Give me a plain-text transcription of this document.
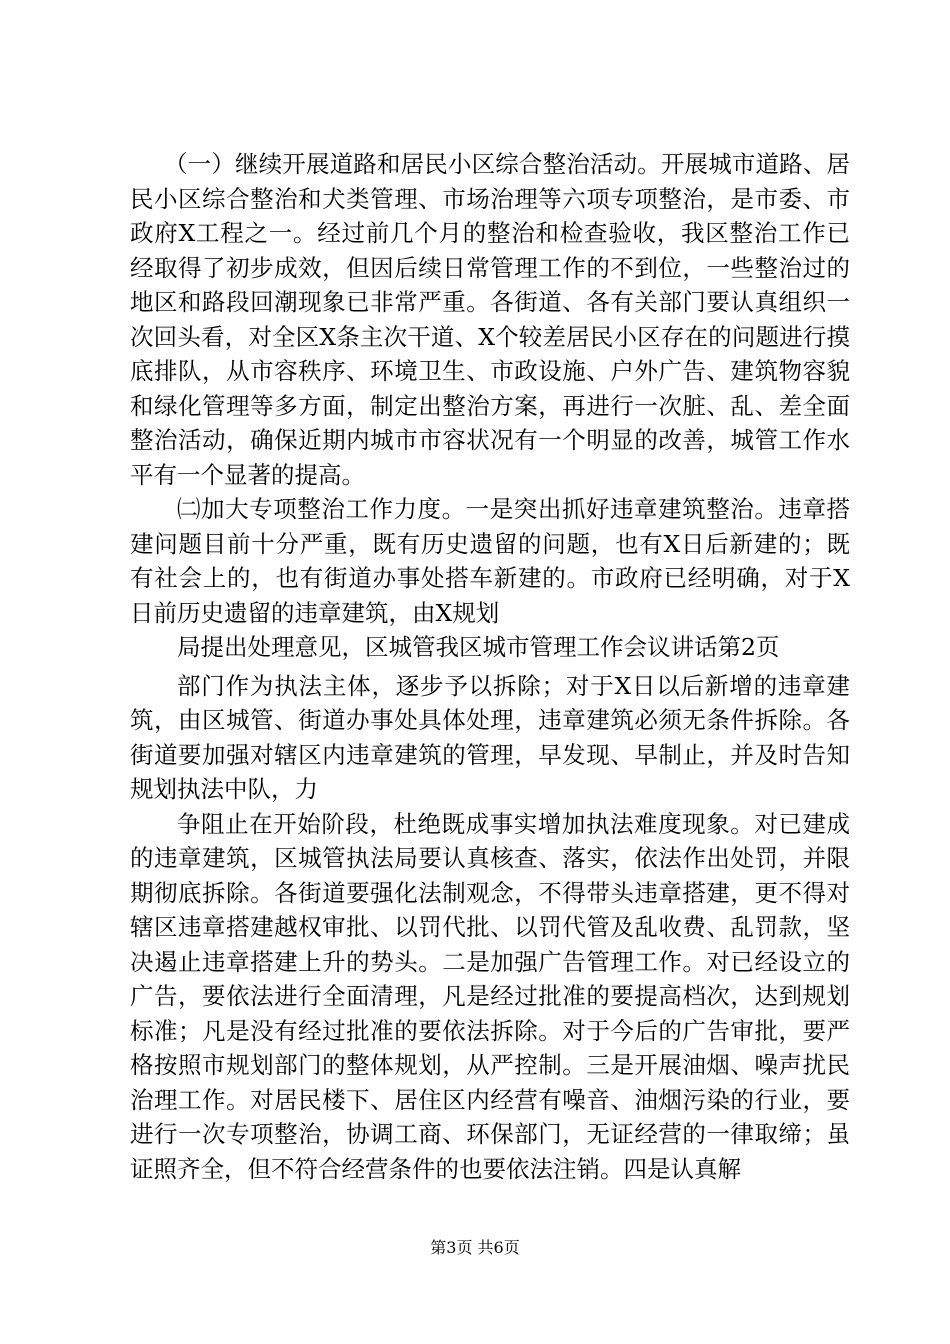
（一）继续开展道路和居民小区综合整治活动。开展城市道路、居民小区综合整治和犬类管理、市场治理等六项专项整治，是市委、市政府X工程之一。经过前几个月的整治和检查验收，我区整治工作已经取得了初步成效，但因后续日常管理工作的不到位，一些整治过的地区和路段回潮现象已非常严重。各街道、各有关部门要认真组织一次回头看，对全区X条主次干道、X个较差居民小区存在的问题进行摸底排队，从市容秩序、环境卫生、市政设施、户外广告、建筑物容貌和绿化管理等多方面，制定出整治方案，再进行一次脏、乱、差全面整治活动，确保近期内城市市容状况有一个明显的改善，城管工作水平有一个显著的提高。

㈡加大专项整治工作力度。一是突出抓好违章建筑整治。违章搭建问题目前十分严重，既有历史遗留的问题，也有X日后新建的；既有社会上的，也有街道办事处搭车新建的。市政府已经明确，对于X日前历史遗留的违章建筑，由X规划

局提出处理意见，区城管我区城市管理工作会议讲话第2页

部门作为执法主体，逐步予以拆除；对于X日以后新增的违章建筑，由区城管、街道办事处具体处理，违章建筑必须无条件拆除。各街道要加强对辖区内违章建筑的管理，早发现、早制止，并及时告知规划执法中队，力

争阻止在开始阶段，杜绝既成事实增加执法难度现象。对已建成的违章建筑，区城管执法局要认真核查、落实，依法作出处罚，并限期彻底拆除。各街道要强化法制观念，不得带头违章搭建，更不得对辖区违章搭建越权审批、以罚代批、以罚代管及乱收费、乱罚款，坚决遏止违章搭建上升的势头。二是加强广告管理工作。对已经设立的广告，要依法进行全面清理，凡是经过批准的要提高档次，达到规划标准；凡是没有经过批准的要依法拆除。对于今后的广告审批，要严格按照市规划部门的整体规划，从严控制。三是开展油烟、噪声扰民治理工作。对居民楼下、居住区内经营有噪音、油烟污染的行业，要进行一次专项整治，协调工商、环保部门，无证经营的一律取缔；虽证照齐全，但不符合经营条件的也要依法注销。四是认真解

第3页 共6页
